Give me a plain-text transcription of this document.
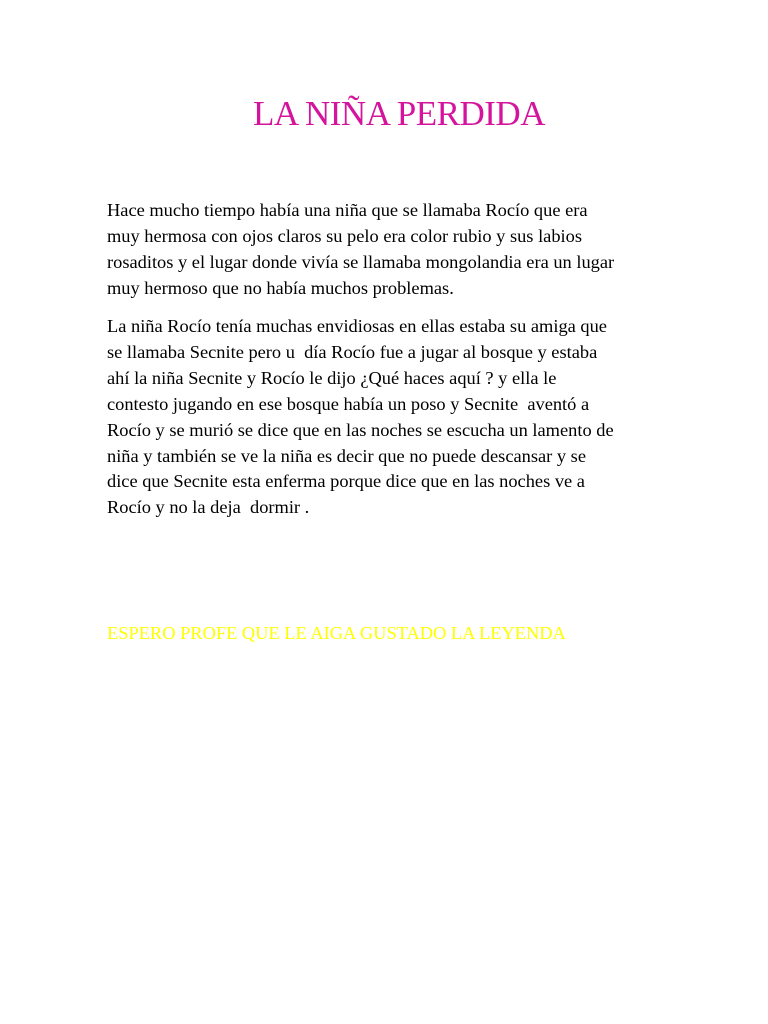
LA NIÑA PERDIDA
Hace mucho tiempo había una niña que se llamaba Rocío que era
muy hermosa con ojos claros su pelo era color rubio y sus labios
rosaditos y el lugar donde vivía se llamaba mongolandia era un lugar
muy hermoso que no había muchos problemas.
La niña Rocío tenía muchas envidiosas en ellas estaba su amiga que
se llamaba Secnite pero u  día Rocío fue a jugar al bosque y estaba
ahí la niña Secnite y Rocío le dijo ¿Qué haces aquí ? y ella le
contesto jugando en ese bosque había un poso y Secnite  aventó a
Rocío y se murió se dice que en las noches se escucha un lamento de
niña y también se ve la niña es decir que no puede descansar y se
dice que Secnite esta enferma porque dice que en las noches ve a
Rocío y no la deja  dormir .

ESPERO PROFE QUE LE AIGA GUSTADO LA LEYENDA
